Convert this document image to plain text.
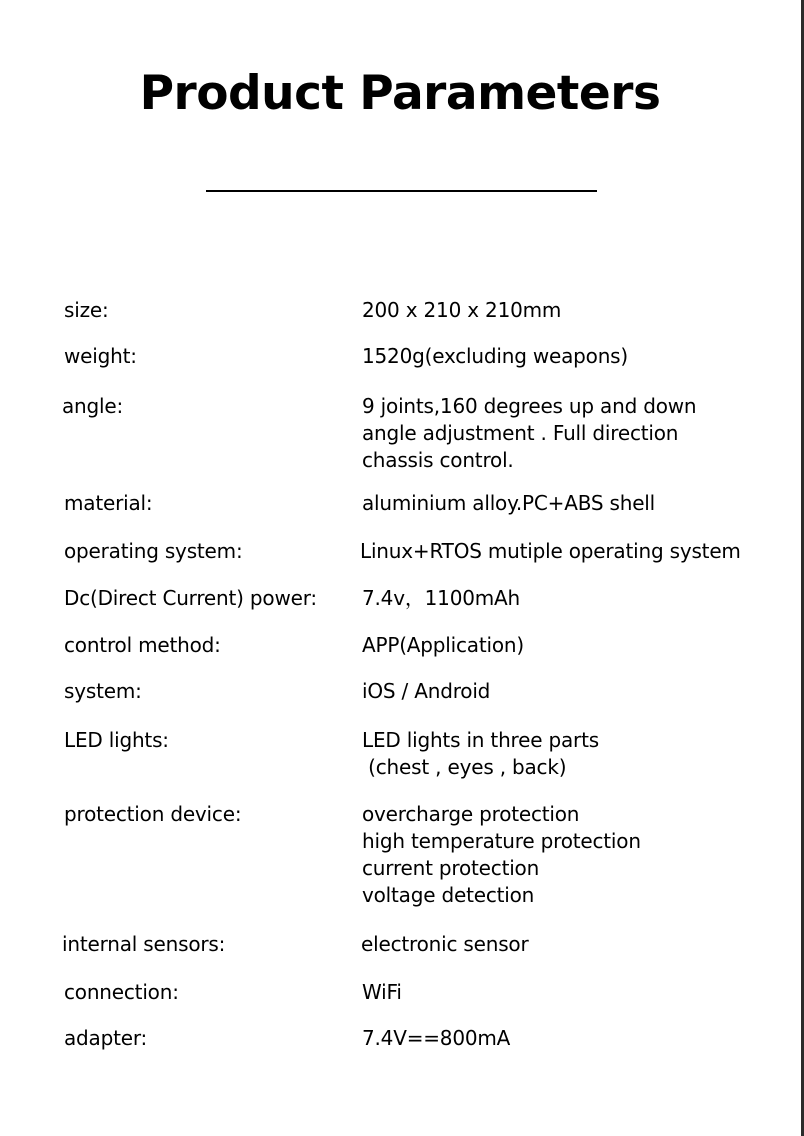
Product Parameters

size:	200 x 210 x 210mm

weight:	1520g(excluding weapons)

angle:	9 joints,160 degrees up and down
angle adjustment . Full direction
chassis control.

material:	aluminium alloy.PC+ABS shell

operating system:	Linux+RTOS mutiple operating system

Dc(Direct Current) power: 7.4v，1100mAh

control method:	APP(Application)

system:	iOS / Android

LED lights:	LED lights in three parts
(chest , eyes , back)

protection device:	overcharge protection
high temperature protection
current protection
voltage detection

internal sensors:	electronic sensor

connection:	WiFi

adapter:	7.4V==800mA
